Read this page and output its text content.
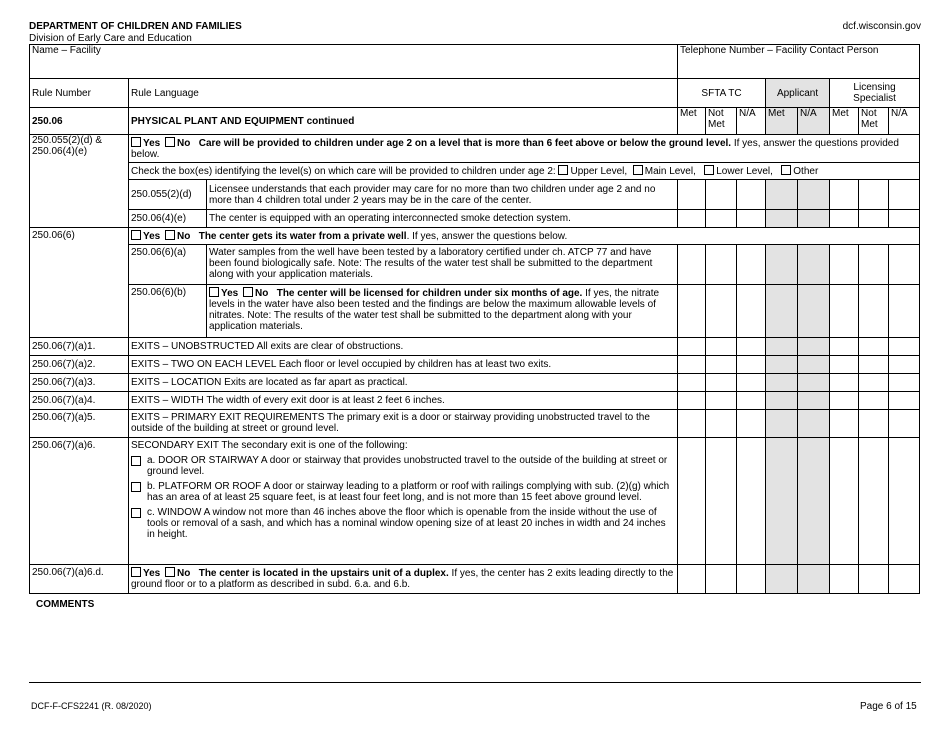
DEPARTMENT OF CHILDREN AND FAMILIES
Division of Early Care and Education
dcf.wisconsin.gov
Name – Facility			Telephone Number – Facility Contact Person							
Rule Number	Rule Language		SFTA TC			Applicant		Licensing Specialist		

250.06	PHYSICAL PLANT AND EQUIPMENT continued		Met	Not Met	N/A	Met	N/A	Met	Not Met	N/A
250.055(2)(d) & 250.06(4)(e)	Yes No Care will be provided to children under age 2 on a level that is more than 6 feet above or below the ground level. If yes, answer the questions provided below.									
	Check the box(es) identifying the level(s) on which care will be provided to children under age 2: Upper Level, Main Level, Lower Level, Other									
	250.055(2)(d)	Licensee understands that each provider may care for no more than two children under age 2 and no more than 4 children total under 2 years may be in the care of the center.								
	250.06(4)(e)	The center is equipped with an operating interconnected smoke detection system.								
250.06(6)	Yes No The center gets its water from a private well. If yes, answer the questions below.									
	250.06(6)(a)	Water samples from the well have been tested by a laboratory certified under ch. ATCP 77 and have been found biologically safe. Note: The results of the water test shall be submitted to the department along with your application materials.								
	250.06(6)(b)	Yes No The center will be licensed for children under six months of age. If yes, the nitrate levels in the water have also been tested and the findings are below the maximum allowable levels of nitrates. Note: The results of the water test shall be submitted to the department along with your application materials.								
250.06(7)(a)1.	EXITS – UNOBSTRUCTED All exits are clear of obstructions.									
250.06(7)(a)2.	EXITS – TWO ON EACH LEVEL Each floor or level occupied by children has at least two exits.									
250.06(7)(a)3.	EXITS – LOCATION Exits are located as far apart as practical.									
250.06(7)(a)4.	EXITS – WIDTH The width of every exit door is at least 2 feet 6 inches.									
250.06(7)(a)5.	EXITS – PRIMARY EXIT REQUIREMENTS The primary exit is a door or stairway providing unobstructed travel to the outside of the building at street or ground level.									
250.06(7)(a)6.	SECONDARY EXIT The secondary exit is one of the following:
a. DOOR OR STAIRWAY A door or stairway that provides unobstructed travel to the outside of the building at street or ground level.
b. PLATFORM OR ROOF A door or stairway leading to a platform or roof with railings complying with sub. (2)(g) which has an area of at least 25 square feet, is at least four feet long, and is not more than 15 feet above ground level.
c. WINDOW A window not more than 46 inches above the floor which is openable from the inside without the use of tools or removal of a sash, and which has a nominal window opening size of at least 20 inches in width and 24 inches in height.									

250.06(7)(a)6.d.	Yes No The center is located in the upstairs unit of a duplex. If yes, the center has 2 exits leading directly to the ground floor or to a platform as described in subd. 6.a. and 6.b.									
COMMENTS
DCF-F-CFS2241 (R. 08/2020)	Page 6 of 15
